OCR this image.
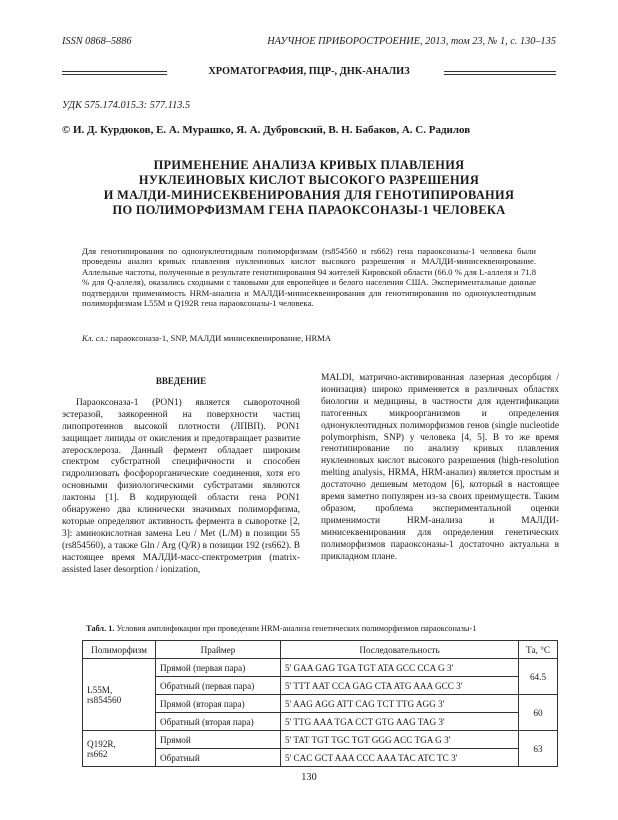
ISSN 0868–5886	НАУЧНОЕ ПРИБОРОСТРОЕНИЕ, 2013, том 23, № 1, c. 130–135
ХРОМАТОГРАФИЯ, ПЦР-, ДНК-АНАЛИЗ
УДК 575.174.015.3: 577.113.5
© И. Д. Курдюков, Е. А. Мурашко, Я. А. Дубровский, В. Н. Бабаков, А. С. Радилов
ПРИМЕНЕНИЕ АНАЛИЗА КРИВЫХ ПЛАВЛЕНИЯ
НУКЛЕИНОВЫХ КИСЛОТ ВЫСОКОГО РАЗРЕШЕНИЯ
И МАЛДИ-МИНИСЕКВЕНИРОВАНИЯ ДЛЯ ГЕНОТИПИРОВАНИЯ
ПО ПОЛИМОРФИЗМАМ ГЕНА ПАРАОКСОНАЗЫ-1 ЧЕЛОВЕКА
Для генотипирования по однонуклеотидным полиморфизмам (rs854560 и rs662) гена параоксоназы-1 человека были проведены анализ кривых плавления нуклеиновых кислот высокого разрешения и МАЛДИ-минисеквенирование. Аллельные частоты, полученные в результате генотипирования 94 жителей Кировской области (66.0 % для L-аллеля и 71.8 % для Q-аллеля), оказались сходными с таковыми для европейцев и белого населения США. Экспериментальные данные подтвердили применимость HRM-анализа и МАЛДИ-минисеквенирования для генотипирования по однонуклеотидным полиморфизмам L55M и Q192R гена параоксоназы-1 человека.
Кл. сл.: параоксоназа-1, SNP, МАЛДИ минисеквенирование, HRMA
ВВЕДЕНИЕ

Параоксоназа-1 (PON1) является сывороточной эстеразой, заякоренной на поверхности частиц липопротеинов высокой плотности (ЛПВП). PON1 защищает липиды от окисления и предотвращает развитие атеросклероза. Данный фермент обладает широким спектром субстратной специфичности и способен гидролизовать фосфорорганические соединения, хотя его основными физиологическими субстратами являются лактоны [1]. В кодирующей области гена PON1 обнаружено два клинически значимых полиморфизма, которые определяют активность фермента в сыворотке [2, 3]: аминокислотная замена Leu / Met (L/M) в позиции 55 (rs854560), а также Gln / Arg (Q/R) в позиции 192 (rs662). В настоящее время МАЛДИ-масс-спектрометрия (matrix-assisted laser desorption / ionization,

MALDI, матрично-активированная лазерная десорбция / ионизация) широко применяется в различных областях биологии и медицины, в частности для идентификации патогенных микроорганизмов и определения однонуклеотидных полиморфизмов генов (single nucleotide polymorphism, SNP) у человека [4, 5]. В то же время генотипирование по анализу кривых плавления нуклеиновых кислот высокого разрешения (high-resolution melting analysis, HRMA, HRM-анализ) является простым и достаточно дешевым методом [6], который в настоящее время заметно популярен из-за своих преимуществ. Таким образом, проблема экспериментальной оценки применимости HRM-анализа и МАЛДИ-минисеквенирования для определения генетических полиморфизмов параоксоназы-1 достаточно актуальна в прикладном плане.

Табл. 1. Условия амплификации при проведении HRM-анализа генетических полиморфизмов параоксоназы-1
Полиморфизм	Праймер	Последовательность	Tа, °C
L55M,
rs854560	Прямой (первая пара)	5' GAA GAG TGA TGT ATA GCC CCA G 3'	64.5
	Обратный (первая пара)	5' TTT AAT CCA GAG CTA ATG AAA GCC 3'	
	Прямой (вторая пара)	5' AAG AGG ATT CAG TCT TTG AGG 3'	60
	Обратный (вторая пара)	5' TTG AAA TGA CCT GTG AAG TAG 3'	
Q192R,
rs662	Прямой	5' TAT TGT TGC TGT GGG ACC TGA G 3'	63
	Обратный	5' CAC GCT AAA CCC AAA TAC ATC TC 3'	
130
